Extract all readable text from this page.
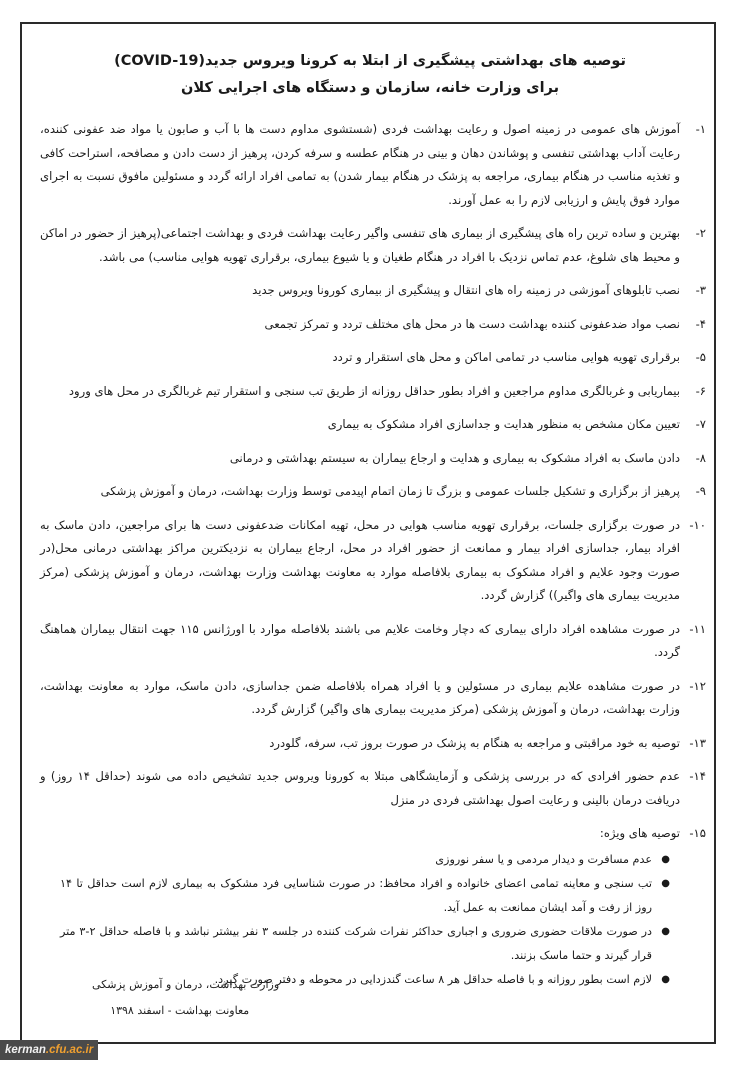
توصیه های بهداشتی پیشگیری از ابتلا به کرونا ویروس جدید(COVID-19)

برای وزارت خانه، سازمان و دستگاه های اجرایی کلان

۱-
آموزش های عمومی در زمینه اصول و رعایت بهداشت فردی (شستشوی مداوم دست ها با آب و صابون یا مواد ضد عفونی کننده، رعایت آداب بهداشتی تنفسی و پوشاندن دهان و بینی در هنگام عطسه و سرفه کردن، پرهیز از دست دادن و مصافحه، استراحت کافی و تغذیه مناسب در هنگام بیماری، مراجعه به پزشک در هنگام بیمار شدن) به تمامی افراد ارائه گردد و مسئولین مافوق نسبت به اجرای موارد فوق پایش و ارزیابی لازم را به عمل آورند.
۲-
بهترین و ساده ترین راه های پیشگیری از بیماری های تنفسی واگیر رعایت بهداشت فردی و بهداشت اجتماعی(پرهیز از حضور در اماکن و محیط های شلوغ، عدم تماس نزدیک با افراد در هنگام طغیان و یا شیوع بیماری، برقراری تهویه هوایی مناسب) می باشد.
۳-
نصب تابلوهای آموزشی در زمینه راه های انتقال و پیشگیری از بیماری کورونا ویروس جدید
۴-
نصب مواد ضدعفونی کننده بهداشت دست ها در محل های مختلف تردد و تمرکز تجمعی
۵-
برقراری تهویه هوایی مناسب در تمامی اماکن و محل های استقرار و تردد
۶-
بیماریابی و غربالگری مداوم مراجعین و افراد بطور حداقل روزانه از طریق تب سنجی و استقرار تیم غربالگری در محل های ورود
۷-
تعیین مکان مشخص به منظور هدایت و جداسازی افراد مشکوک به بیماری
۸-
دادن ماسک به افراد مشکوک به بیماری و هدایت و ارجاع بیماران به سیستم بهداشتی و درمانی
۹-
پرهیز از برگزاری و تشکیل جلسات عمومی و بزرگ تا زمان اتمام اپیدمی توسط وزارت بهداشت، درمان و آموزش پزشکی
۱۰-
در صورت برگزاری جلسات، برقراری تهویه مناسب هوایی در محل، تهیه امکانات ضدعفونی دست ها برای مراجعین، دادن ماسک به افراد بیمار، جداسازی افراد بیمار و ممانعت از حضور افراد در محل، ارجاع بیماران به نزدیکترین مراکز بهداشتی درمانی محل(در صورت وجود علایم و افراد مشکوک به بیماری بلافاصله موارد به معاونت بهداشت وزارت بهداشت، درمان و آموزش پزشکی (مرکز مدیریت بیماری های واگیر)) گزارش گردد.
۱۱-
در صورت مشاهده افراد دارای بیماری که دچار وخامت علایم می باشند بلافاصله موارد با اورژانس ۱۱۵ جهت انتقال بیماران هماهنگ گردد.
۱۲-
در صورت مشاهده علایم بیماری در مسئولین و یا افراد همراه بلافاصله ضمن جداسازی، دادن ماسک، موارد به معاونت بهداشت، وزارت بهداشت، درمان و آموزش پزشکی (مرکز مدیریت بیماری های واگیر) گزارش گردد.
۱۳-
توصیه به خود مراقبتی و مراجعه به هنگام به پزشک در صورت بروز تب، سرفه، گلودرد
۱۴-
عدم حضور افرادی که در بررسی پزشکی و آزمایشگاهی مبتلا به کورونا ویروس جدید تشخیص داده می شوند (حداقل ۱۴ روز) و دریافت درمان بالینی و رعایت اصول بهداشتی فردی در منزل
۱۵-
توصیه های ویژه:
●
عدم مسافرت و دیدار مردمی و یا سفر نوروزی
●
تب سنجی و معاینه تمامی اعضای خانواده و افراد محافظ: در صورت شناسایی فرد مشکوک به بیماری لازم است حداقل تا ۱۴ روز از رفت و آمد ایشان ممانعت به عمل آید.
●
در صورت ملاقات حضوری ضروری و اجباری حداکثر نفرات شرکت کننده در جلسه ۳ نفر بیشتر نباشد و با فاصله حداقل ۲-۳ متر قرار گیرند و حتما ماسک بزنند.
●
لازم است بطور روزانه و با فاصله حداقل هر ۸ ساعت گندزدایی در محوطه و دفتر صورت گیرد.
وزارت بهداشت، درمان و آموزش پزشکی
معاونت بهداشت - اسفند ۱۳۹۸
kerman.cfu.ac.ir
